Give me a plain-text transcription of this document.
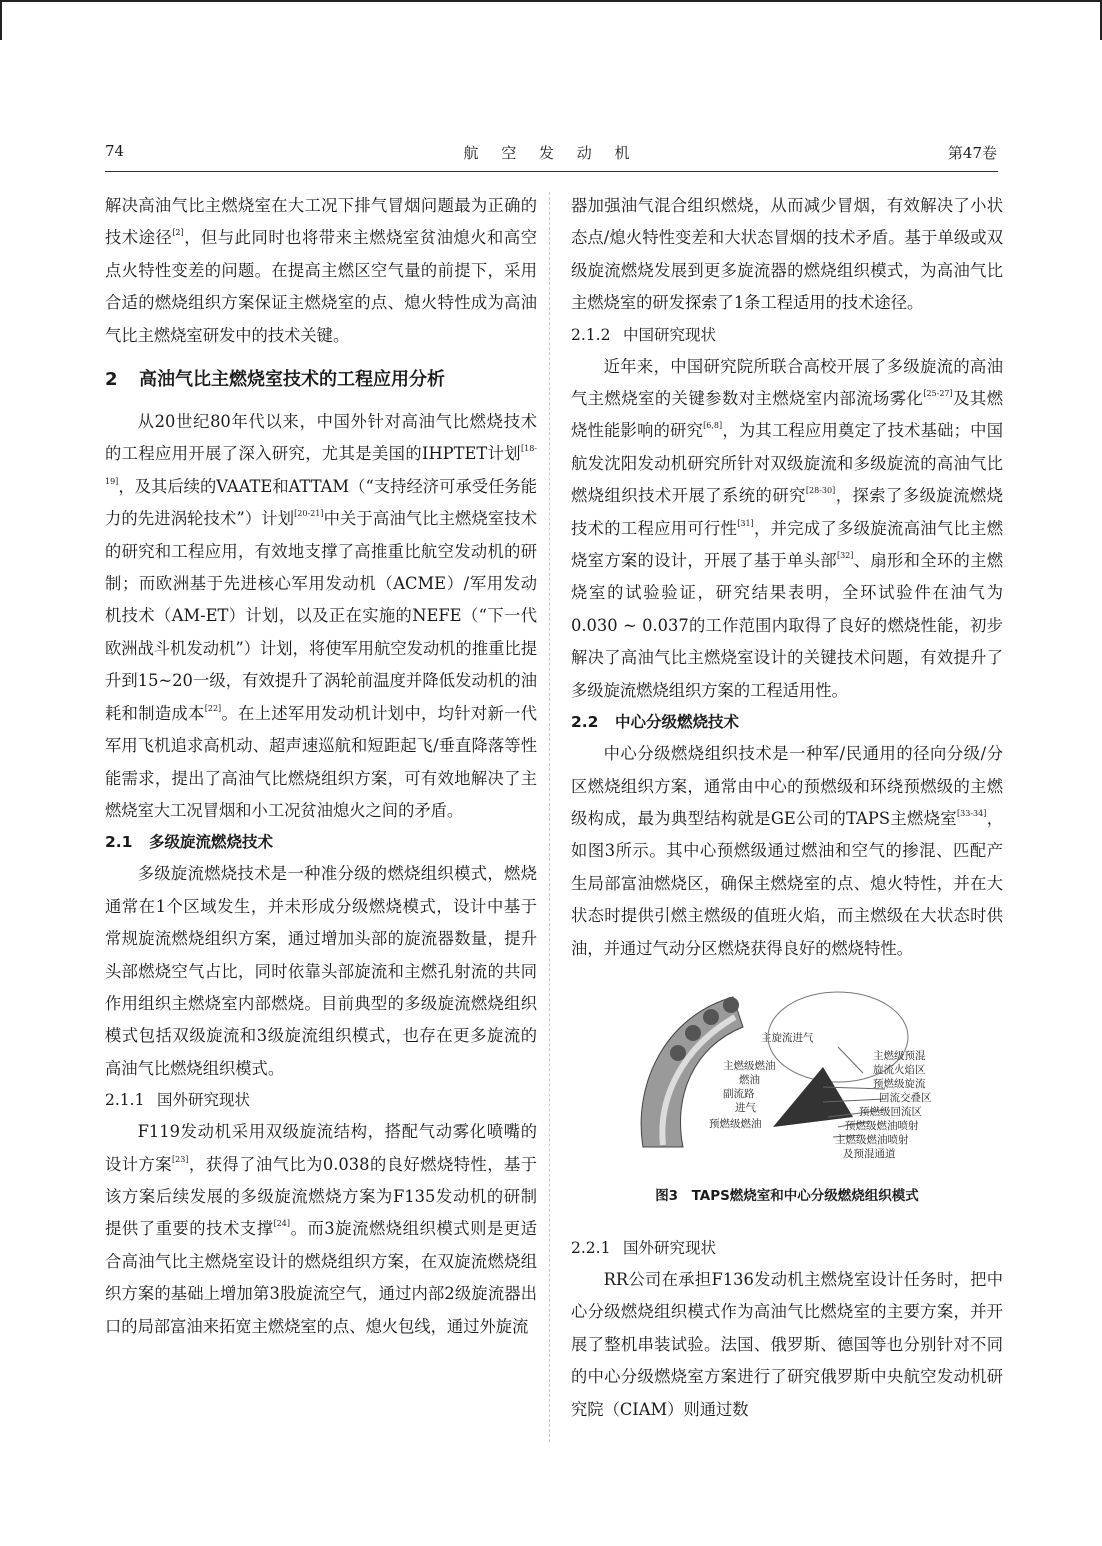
74	航 空 发 动 机	第47卷

解决高油气比主燃烧室在大工况下排气冒烟问题最为正确的技术途径[2]，但与此同时也将带来主燃烧室贫油熄火和高空点火特性变差的问题。在提高主燃区空气量的前提下，采用合适的燃烧组织方案保证主燃烧室的点、熄火特性成为高油气比主燃烧室研发中的技术关键。

2 高油气比主燃烧室技术的工程应用分析

从20世纪80年代以来，中国外针对高油气比燃烧技术的工程应用开展了深入研究，尤其是美国的IHPTET计划[18-19]，及其后续的VAATE和ATTAM（“支持经济可承受任务能力的先进涡轮技术”）计划[20-21]中关于高油气比主燃烧室技术的研究和工程应用，有效地支撑了高推重比航空发动机的研制；而欧洲基于先进核心军用发动机（ACME）/军用发动机技术（AM-ET）计划，以及正在实施的NEFE（“下一代欧洲战斗机发动机”）计划，将使军用航空发动机的推重比提升到15~20一级，有效提升了涡轮前温度并降低发动机的油耗和制造成本[22]。在上述军用发动机计划中，均针对新一代军用飞机追求高机动、超声速巡航和短距起飞/垂直降落等性能需求，提出了高油气比燃烧组织方案，可有效地解决了主燃烧室大工况冒烟和小工况贫油熄火之间的矛盾。

2.1 多级旋流燃烧技术

多级旋流燃烧技术是一种准分级的燃烧组织模式，燃烧通常在1个区域发生，并未形成分级燃烧模式，设计中基于常规旋流燃烧组织方案，通过增加头部的旋流器数量，提升头部燃烧空气占比，同时依靠头部旋流和主燃孔射流的共同作用组织主燃烧室内部燃烧。目前典型的多级旋流燃烧组织模式包括双级旋流和3级旋流组织模式，也存在更多旋流的高油气比燃烧组织模式。

2.1.1 国外研究现状

F119发动机采用双级旋流结构，搭配气动雾化喷嘴的设计方案[23]，获得了油气比为0.038的良好燃烧特性，基于该方案后续发展的多级旋流燃烧方案为F135发动机的研制提供了重要的技术支撑[24]。而3旋流燃烧组织模式则是更适合高油气比主燃烧室设计的燃烧组织方案，在双旋流燃烧组织方案的基础上增加第3股旋流空气，通过内部2级旋流器出口的局部富油来拓宽主燃烧室的点、熄火包线，通过外旋流

器加强油气混合组织燃烧，从而减少冒烟，有效解决了小状态点/熄火特性变差和大状态冒烟的技术矛盾。基于单级或双级旋流燃烧发展到更多旋流器的燃烧组织模式，为高油气比主燃烧室的研发探索了1条工程适用的技术途径。

2.1.2 中国研究现状

近年来，中国研究院所联合高校开展了多级旋流的高油气主燃烧室的关键参数对主燃烧室内部流场雾化[25-27]及其燃烧性能影响的研究[6,8]，为其工程应用奠定了技术基础；中国航发沈阳发动机研究所针对双级旋流和多级旋流的高油气比燃烧组织技术开展了系统的研究[28-30]，探索了多级旋流燃烧技术的工程应用可行性[31]，并完成了多级旋流高油气比主燃烧室方案的设计，开展了基于单头部[32]、扇形和全环的主燃烧室的试验验证，研究结果表明，全环试验件在油气为0.030 ~ 0.037的工作范围内取得了良好的燃烧性能，初步解决了高油气比主燃烧室设计的关键技术问题，有效提升了多级旋流燃烧组织方案的工程适用性。

2.2 中心分级燃烧技术

中心分级燃烧组织技术是一种军/民通用的径向分级/分区燃烧组织方案，通常由中心的预燃级和环绕预燃级的主燃级构成，最为典型结构就是GE公司的TAPS主燃烧室[33-34]，如图3所示。其中心预燃级通过燃油和空气的掺混、匹配产生局部富油燃烧区，确保主燃烧室的点、熄火特性，并在大状态时提供引燃主燃级的值班火焰，而主燃级在大状态时供油，并通过气动分区燃烧获得良好的燃烧特性。

主旋流进气
主燃级燃油
燃油
副流路
进气
预燃级燃油
主燃级预混
旋流火焰区
预燃级旋流
回流交叠区
预燃级回流区
预燃级燃油喷射
主燃级燃油喷射
及预混通道
图3　TAPS燃烧室和中心分级燃烧组织模式
2.2.1 国外研究现状

RR公司在承担F136发动机主燃烧室设计任务时，把中心分级燃烧组织模式作为高油气比燃烧室的主要方案，并开展了整机串装试验。法国、俄罗斯、德国等也分别针对不同的中心分级燃烧室方案进行了研究俄罗斯中央航空发动机研究院（CIAM）则通过数
